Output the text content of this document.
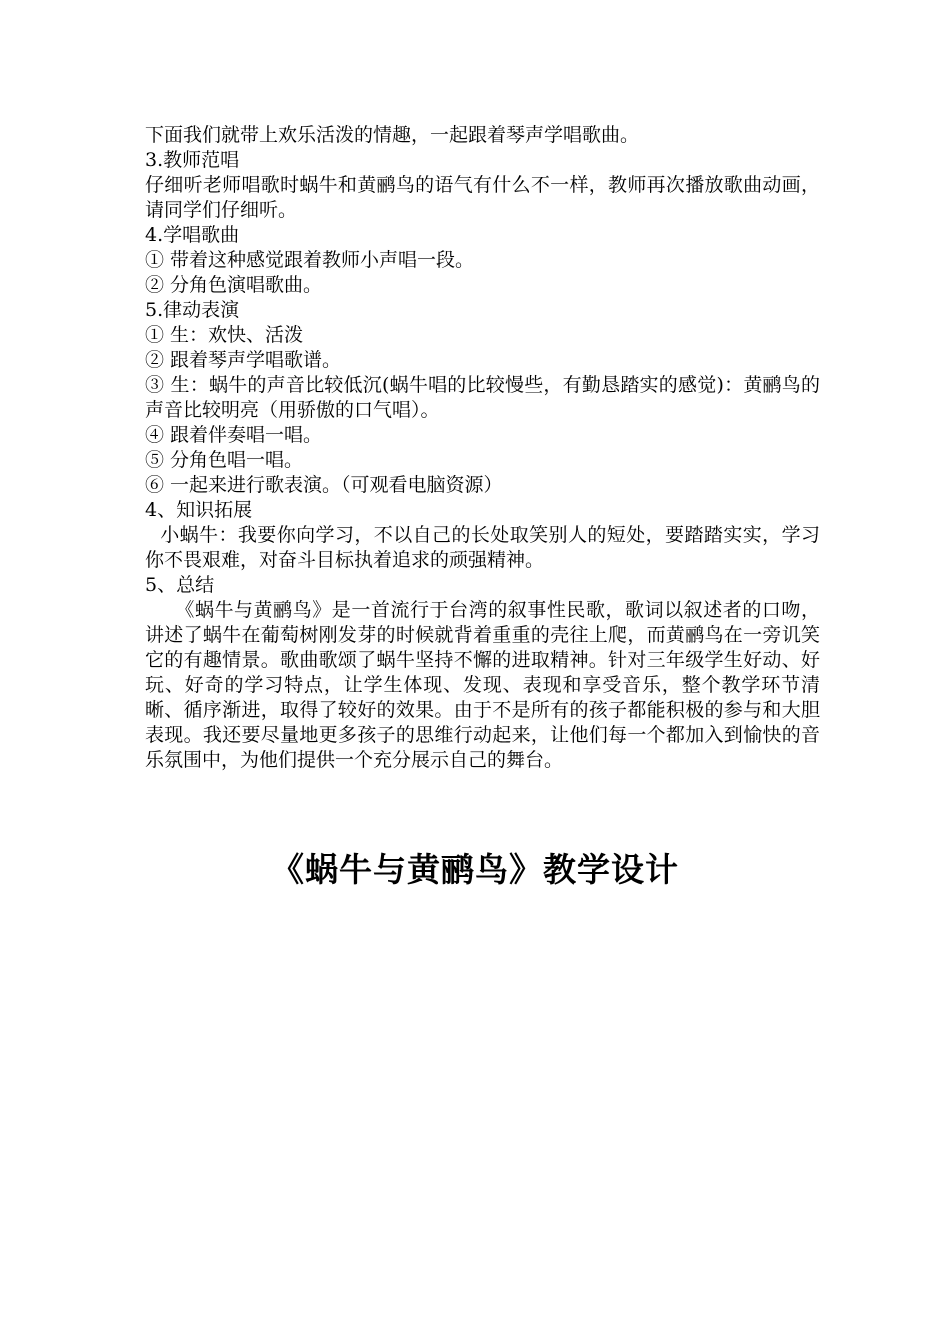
下面我们就带上欢乐活泼的情趣，一起跟着琴声学唱歌曲。

3.教师范唱

仔细听老师唱歌时蜗牛和黄鹂鸟的语气有什么不一样，教师再次播放歌曲动画，请同学们仔细听。

4.学唱歌曲

① 带着这种感觉跟着教师小声唱一段。

② 分角色演唱歌曲。

5.律动表演

① 生：欢快、活泼

② 跟着琴声学唱歌谱。

③ 生：蜗牛的声音比较低沉(蜗牛唱的比较慢些，有勤恳踏实的感觉)：黄鹂鸟的声音比较明亮（用骄傲的口气唱）。

④ 跟着伴奏唱一唱。

⑤ 分角色唱一唱。

⑥ 一起来进行歌表演。（可观看电脑资源）

4、知识拓展

小蜗牛：我要你向学习，不以自己的长处取笑别人的短处，要踏踏实实，学习你不畏艰难，对奋斗目标执着追求的顽强精神。

5、总结

《蜗牛与黄鹂鸟》是一首流行于台湾的叙事性民歌，歌词以叙述者的口吻，讲述了蜗牛在葡萄树刚发芽的时候就背着重重的壳往上爬，而黄鹂鸟在一旁讥笑它的有趣情景。歌曲歌颂了蜗牛坚持不懈的进取精神。针对三年级学生好动、好玩、好奇的学习特点，让学生体现、发现、表现和享受音乐，整个教学环节清晰、循序渐进，取得了较好的效果。由于不是所有的孩子都能积极的参与和大胆表现。我还要尽量地更多孩子的思维行动起来，让他们每一个都加入到愉快的音乐氛围中，为他们提供一个充分展示自己的舞台。

《蜗牛与黄鹂鸟》教学设计
